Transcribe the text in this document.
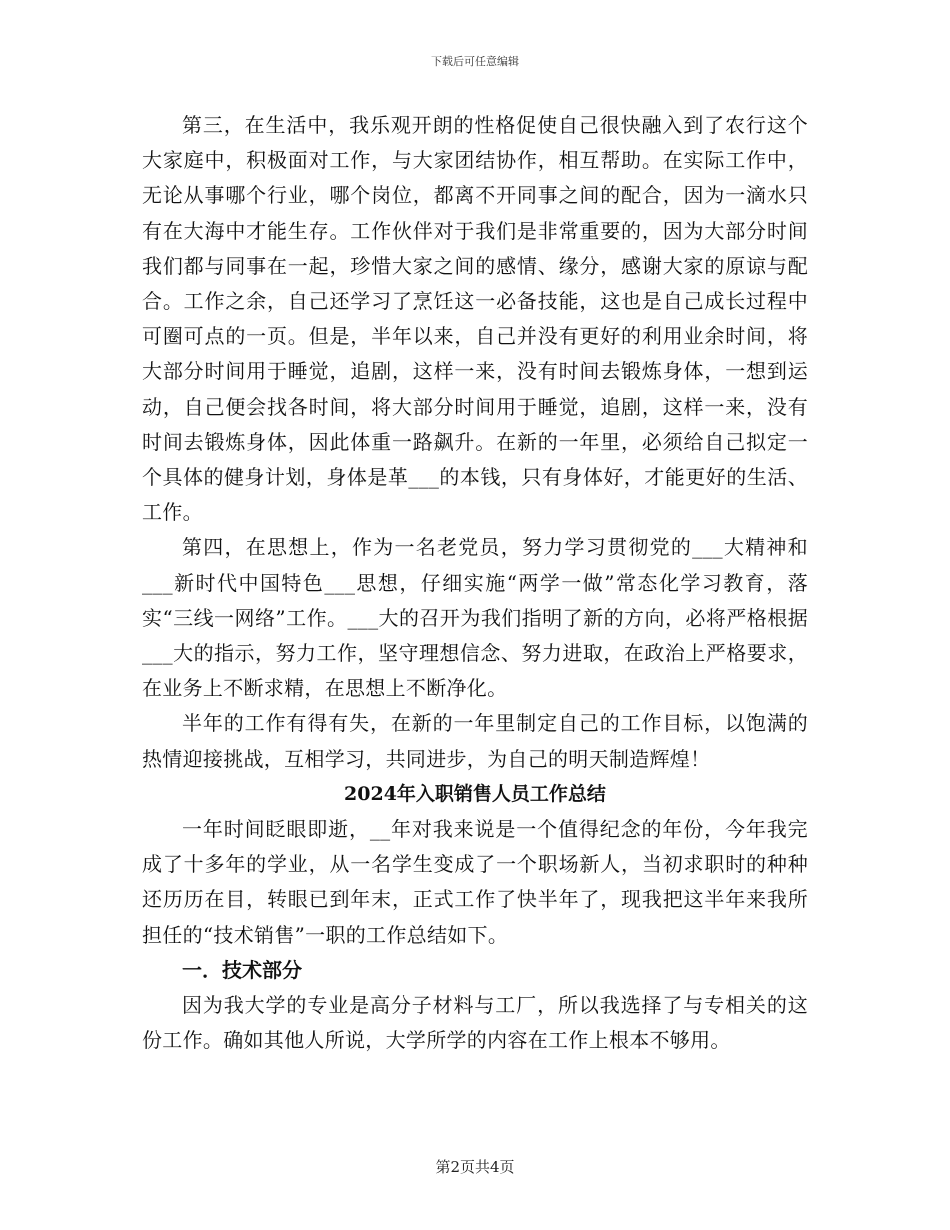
下载后可任意编辑

第三，在生活中，我乐观开朗的性格促使自己很快融入到了农行这个大家庭中，积极面对工作，与大家团结协作，相互帮助。在实际工作中，无论从事哪个行业，哪个岗位，都离不开同事之间的配合，因为一滴水只有在大海中才能生存。工作伙伴对于我们是非常重要的，因为大部分时间我们都与同事在一起，珍惜大家之间的感情、缘分，感谢大家的原谅与配合。工作之余，自己还学习了烹饪这一必备技能，这也是自己成长过程中可圈可点的一页。但是，半年以来，自己并没有更好的利用业余时间，将大部分时间用于睡觉，追剧，这样一来，没有时间去锻炼身体，一想到运动，自己便会找各时间，将大部分时间用于睡觉，追剧，这样一来，没有时间去锻炼身体，因此体重一路飙升。在新的一年里，必须给自己拟定一个具体的健身计划，身体是革___的本钱，只有身体好，才能更好的生活、工作。

第四，在思想上，作为一名老党员，努力学习贯彻党的___大精神和___新时代中国特色___思想，仔细实施“两学一做”常态化学习教育，落实“三线一网络”工作。___大的召开为我们指明了新的方向，必将严格根据___大的指示，努力工作，坚守理想信念、努力进取，在政治上严格要求，在业务上不断求精，在思想上不断净化。

半年的工作有得有失，在新的一年里制定自己的工作目标，以饱满的热情迎接挑战，互相学习，共同进步，为自己的明天制造辉煌！

2024年入职销售人员工作总结

一年时间眨眼即逝，__年对我来说是一个值得纪念的年份，今年我完成了十多年的学业，从一名学生变成了一个职场新人，当初求职时的种种还历历在目，转眼已到年末，正式工作了快半年了，现我把这半年来我所担任的“技术销售”一职的工作总结如下。

一．技术部分

因为我大学的专业是高分子材料与工厂，所以我选择了与专相关的这份工作。确如其他人所说，大学所学的内容在工作上根本不够用。

第2页共4页
